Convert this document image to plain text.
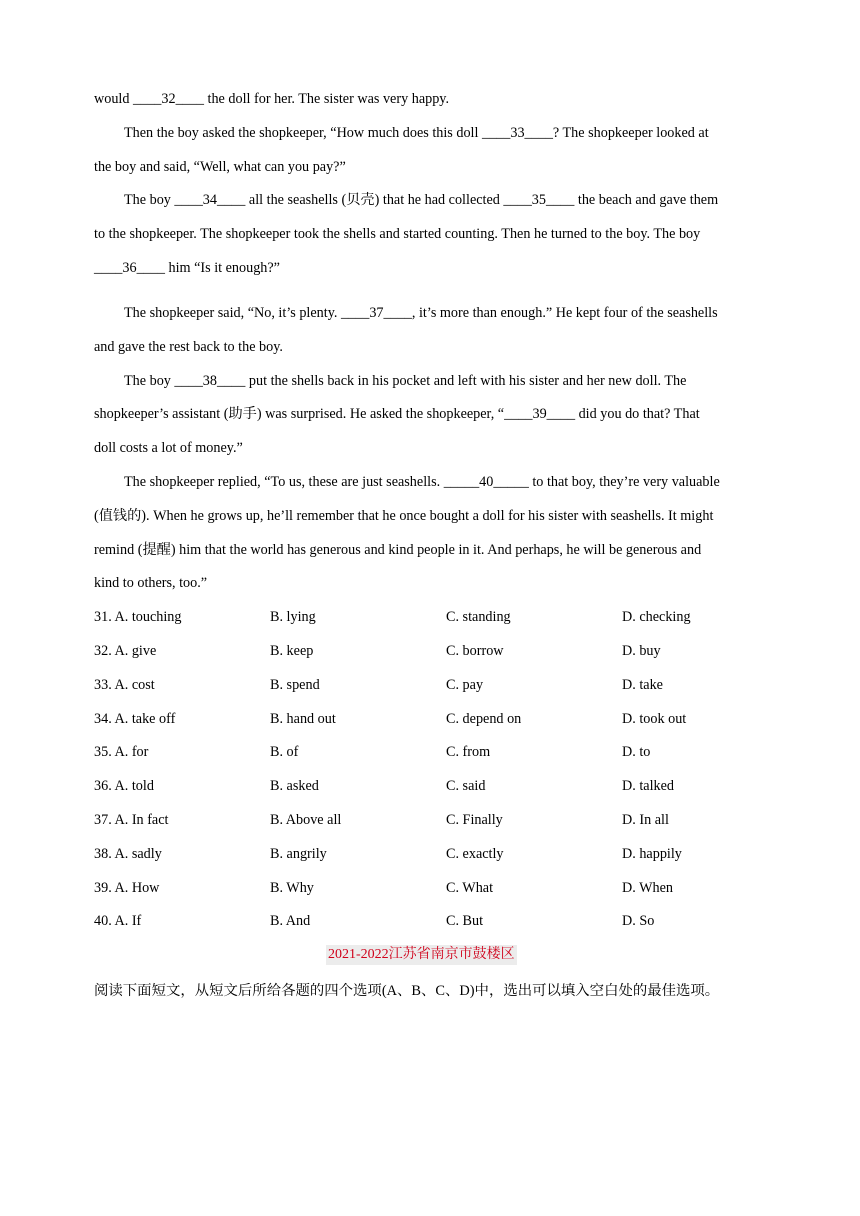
would ____32____ the doll for her. The sister was very happy.
Then the boy asked the shopkeeper, “How much does this doll ____33____? The shopkeeper looked at
the boy and said, “Well, what can you pay?”
The boy ____34____ all the seashells (贝壳) that he had collected ____35____ the beach and gave them
to the shopkeeper. The shopkeeper took the shells and started counting. Then he turned to the boy. The boy
____36____ him “Is it enough?”
The shopkeeper said, “No, it’s plenty. ____37____, it’s more than enough.” He kept four of the seashells
and gave the rest back to the boy.
The boy ____38____ put the shells back in his pocket and left with his sister and her new doll. The
shopkeeper’s assistant (助手) was surprised. He asked the shopkeeper, “____39____ did you do that? That
doll costs a lot of money.”
The shopkeeper replied, “To us, these are just seashells. _____40_____ to that boy, they’re very valuable
(值钱的). When he grows up, he’ll remember that he once bought a doll for his sister with seashells. It might
remind (提醒) him that the world has generous and kind people in it. And perhaps, he will be generous and
kind to others, too.”
31. A. touching	B. lying	C. standing	D. checking
32. A. give	B. keep	C. borrow	D. buy
33. A. cost	B. spend	C. pay	D. take
34. A. take off	B. hand out	C. depend on	D. took out
35. A. for	B. of	C. from	D. to
36. A. told	B. asked	C. said	D. talked
37. A. In fact	B. Above all	C. Finally	D. In all
38. A. sadly	B. angrily	C. exactly	D. happily
39. A. How	B. Why	C. What	D. When
40. A. If	B. And	C. But	D. So
2021-2022江苏省南京市鼓楼区
阅读下面短文，从短文后所给各题的四个选项(A、B、C、D)中，选出可以填入空白处的最佳选项。
